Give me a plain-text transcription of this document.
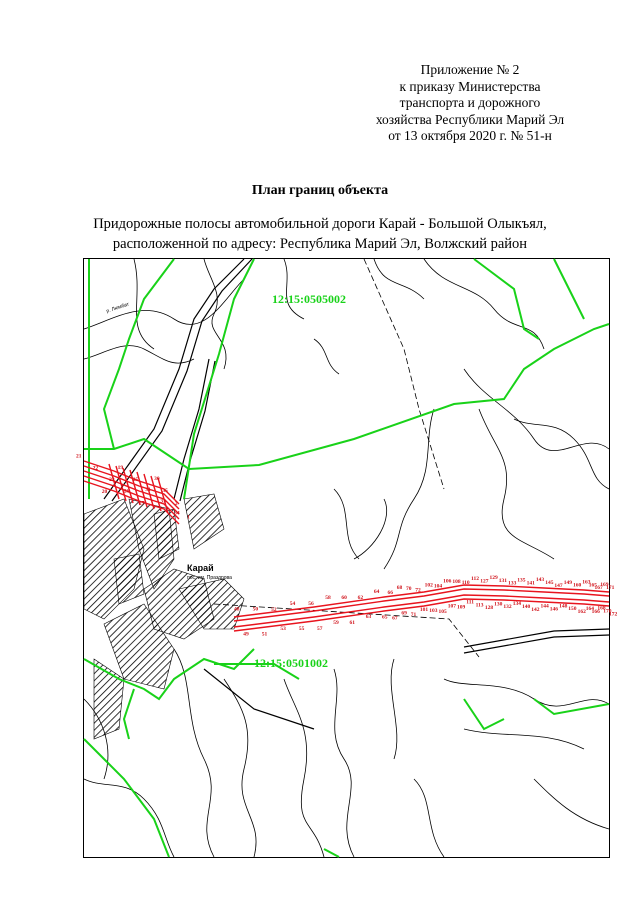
Приложение № 2
к приказу Министерства
транспорта и дорожного
хозяйства Республики Марий Эл
от 13 октября 2020 г. № 51-н
План границ объекта
Придорожные полосы автомобильной дороги Карай - Большой Олыкъял,
расположенной по адресу: Республика Марий Эл, Волжский район
21
22
23
20
19
25
26
27
30
31
33
34
35
2
1
48
49
50
51
52
53
54
55
56
57
58
59
60
61
62
63
64
65
66
67
68
69
70
71
72
101
102
103
104
105
106
107
108
109
110
111
112
113
127
128
129
130
131
132
133
134
135
140
141
142
143
144
145
146
147
148
149
150
160
162
163
164
165
166
167
168
169
170
171
172
12:15:0505002
12:15:0501002
Карай
пос. им. Праздрова
р. Люмбат
